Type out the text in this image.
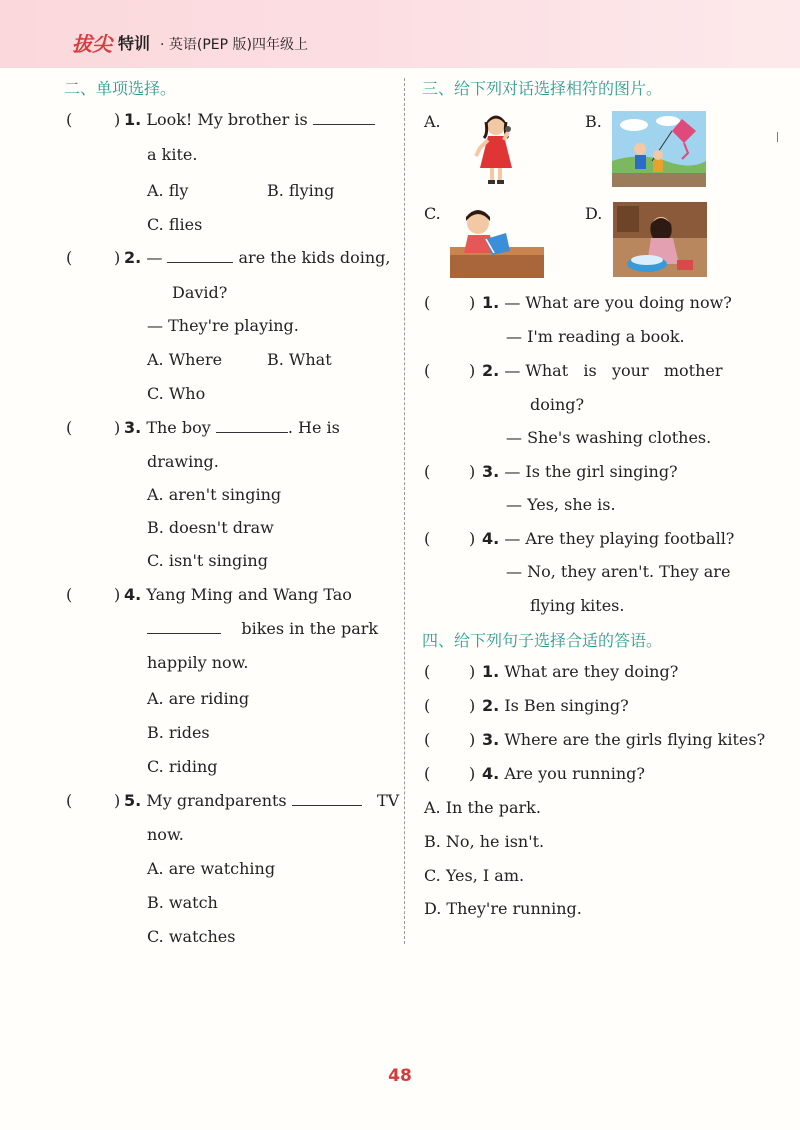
拔尖 特训 · 英语(PEP 版)四年级上
二、单项选择。
(	) 1. Look! My brother is
a kite.
A. fly	B. flying
C. flies
(	) 2. —	are the kids doing,
David?
— They're playing.
A. Where	B. What
C. Who
(	) 3. The boy	. He is
drawing.
A. aren't singing
B. doesn't draw
C. isn't singing
(	) 4. Yang Ming and Wang Tao
bikes in the park
happily now.
A. are riding
B. rides
C. riding
(	) 5. My grandparents	TV
now.
A. are watching
B. watch
C. watches
三、给下列对话选择相符的图片。
A.	B.
C.	D.
( ) 1. — What are you doing now?
— I'm reading a book.
( ) 2. — What   is   your   mother
doing?
— She's washing clothes.
( ) 3. — Is the girl singing?
— Yes, she is.
( ) 4. — Are they playing football?
— No, they aren't. They are
flying kites.
四、给下列句子选择合适的答语。
( ) 1. What are they doing?
( ) 2. Is Ben singing?
( ) 3. Where are the girls flying kites?
( ) 4. Are you running?
A. In the park.
B. No, he isn't.
C. Yes, I am.
D. They're running.
48
